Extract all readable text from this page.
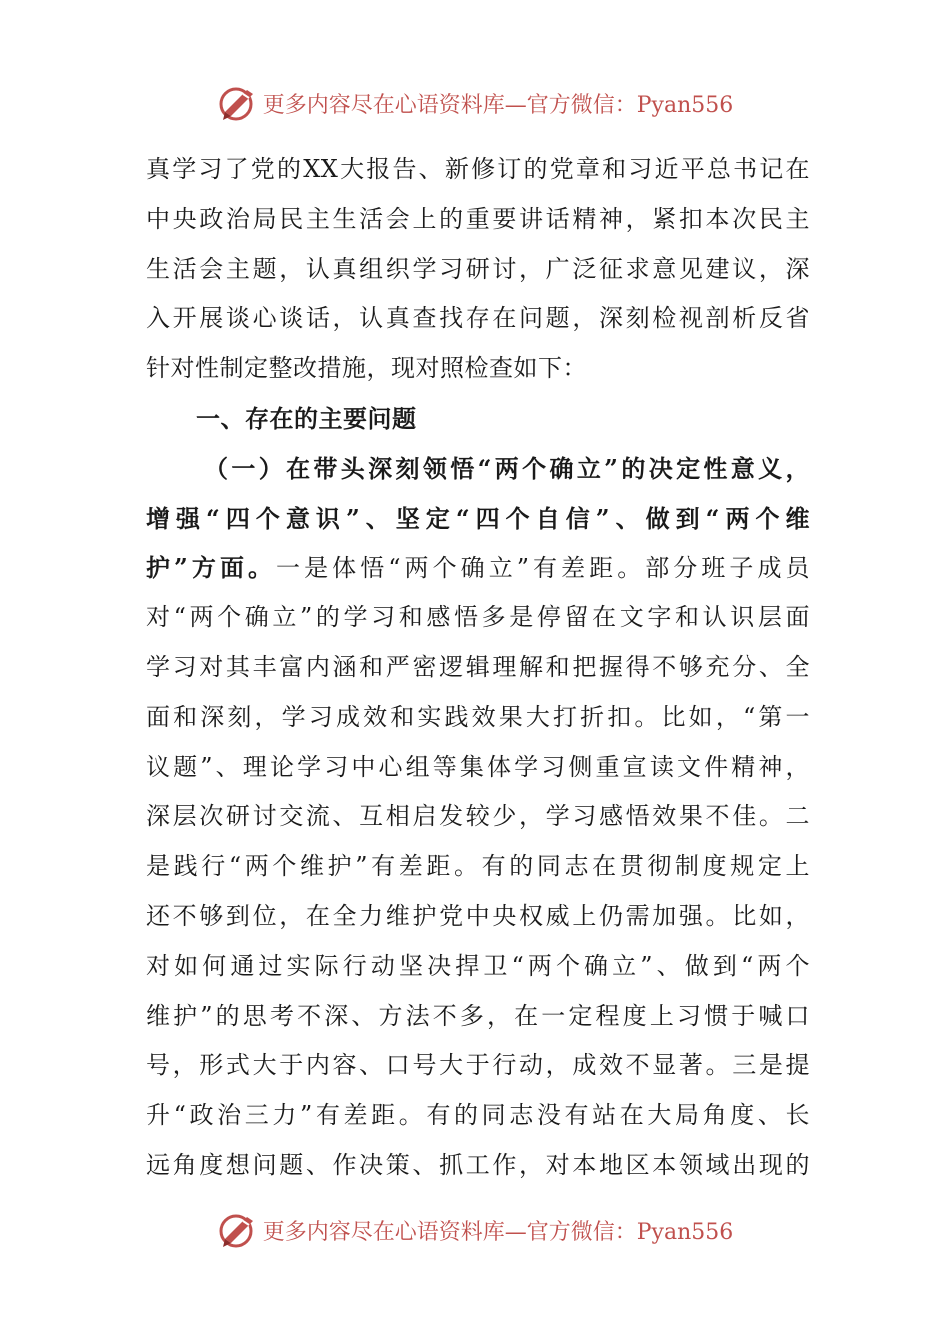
更多内容尽在心语资料库—官方微信：Pyan556
真学习了党的XX大报告、新修订的党章和习近平总书记在
中央政治局民主生活会上的重要讲话精神，紧扣本次民主
生活会主题，认真组织学习研讨，广泛征求意见建议，深
入开展谈心谈话，认真查找存在问题，深刻检视剖析反省
针对性制定整改措施，现对照检查如下：
一、存在的主要问题
（一）在带头深刻领悟“两个确立”的决定性意义，
增强“四个意识”、坚定“四个自信”、做到“两个维
护”方面。一是体悟“两个确立”有差距。部分班子成员
对“两个确立”的学习和感悟多是停留在文字和认识层面
学习对其丰富内涵和严密逻辑理解和把握得不够充分、全
面和深刻，学习成效和实践效果大打折扣。比如，“第一
议题”、理论学习中心组等集体学习侧重宣读文件精神，
深层次研讨交流、互相启发较少，学习感悟效果不佳。二
是践行“两个维护”有差距。有的同志在贯彻制度规定上
还不够到位，在全力维护党中央权威上仍需加强。比如，
对如何通过实际行动坚决捍卫“两个确立”、做到“两个
维护”的思考不深、方法不多，在一定程度上习惯于喊口
号，形式大于内容、口号大于行动，成效不显著。三是提
升“政治三力”有差距。有的同志没有站在大局角度、长
远角度想问题、作决策、抓工作，对本地区本领域出现的
更多内容尽在心语资料库—官方微信：Pyan556
